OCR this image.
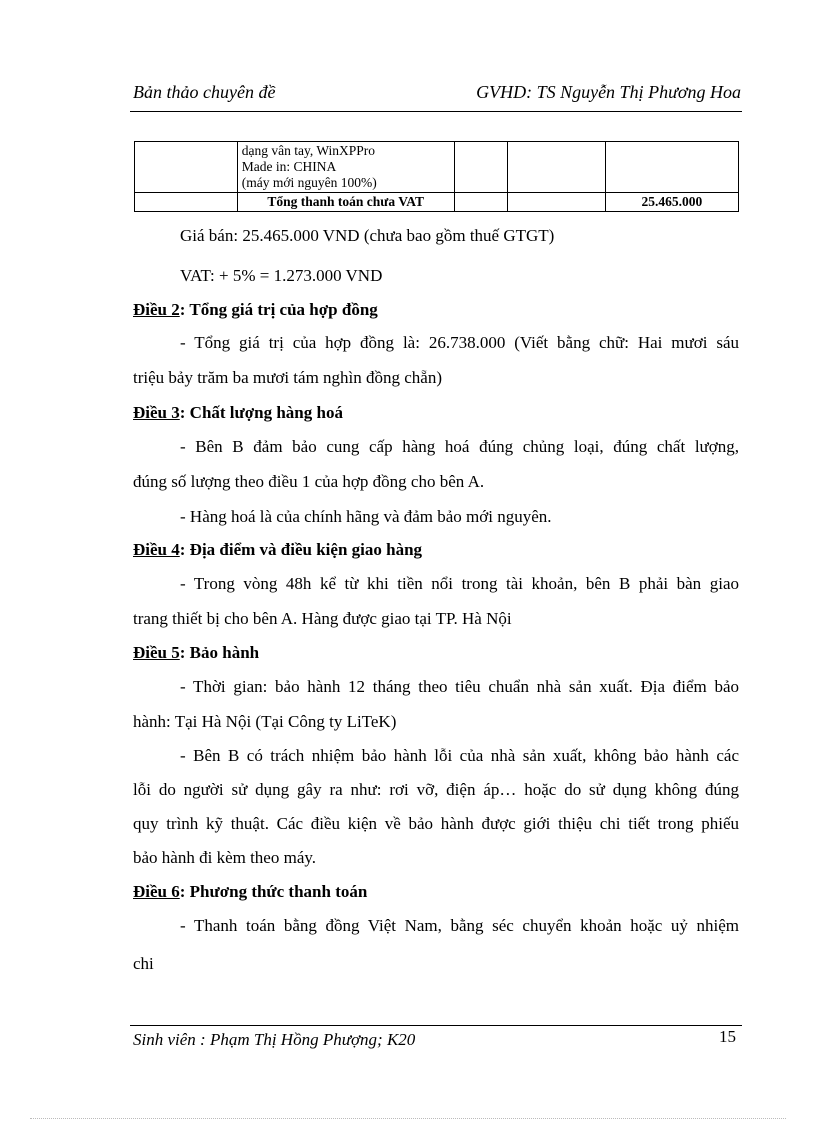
Bản thảo chuyên đề	GVHD: TS Nguyễn Thị Phương Hoa

	dạng vân tay, WinXPPro
Made in: CHINA
(máy mới nguyên 100%)			

	Tổng thanh toán chưa VAT			25.465.000
Giá bán: 25.465.000 VND (chưa bao gồm thuế GTGT)
VAT: + 5% = 1.273.000 VND
Điều 2: Tổng giá trị của hợp đồng
- Tổng giá trị của hợp đồng là: 26.738.000 (Viết bằng chữ: Hai mươi sáu
triệu bảy trăm ba mươi tám nghìn đồng chẵn)
Điều 3: Chất lượng hàng hoá
- Bên B đảm bảo cung cấp hàng hoá đúng chủng loại, đúng chất lượng,
đúng số lượng theo điều 1 của hợp đồng cho bên A.
- Hàng hoá là của chính hãng và đảm bảo mới nguyên.
Điều 4: Địa điểm và điều kiện giao hàng
- Trong vòng 48h kể từ khi tiền nổi trong tài khoản, bên B phải bàn giao
trang thiết bị cho bên A. Hàng được giao tại TP. Hà Nội
Điều 5: Bảo hành
- Thời gian: bảo hành 12 tháng theo tiêu chuẩn nhà sản xuất. Địa điểm bảo
hành: Tại Hà Nội (Tại Công ty LiTeK)
- Bên B có trách nhiệm bảo hành lỗi của nhà sản xuất, không bảo hành các
lỗi do người sử dụng gây ra như: rơi vỡ, điện áp… hoặc do sử dụng không đúng
quy trình kỹ thuật. Các điều kiện về bảo hành được giới thiệu chi tiết trong phiếu
bảo hành đi kèm theo máy.
Điều 6: Phương thức thanh toán
- Thanh toán bằng đồng Việt Nam, bằng séc chuyển khoản hoặc uỷ nhiệm
chi
Sinh viên : Phạm Thị Hồng Phượng; K20	15
